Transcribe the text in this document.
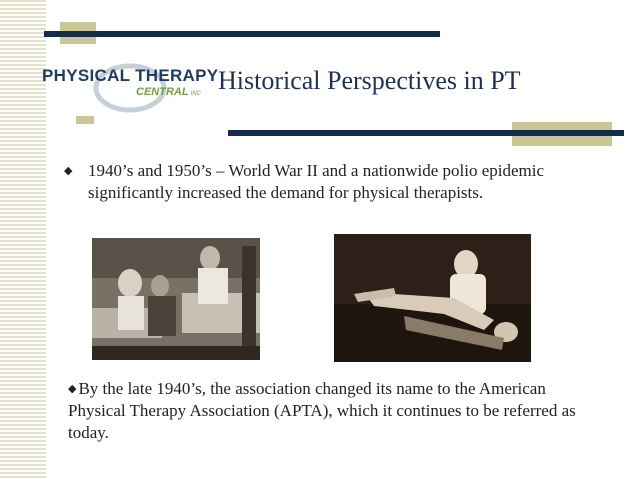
PHYSICAL THERAPY
CENTRAL INC Historical Perspectives in PT
◆ 1940’s and 1950’s – World War II and a nationwide polio epidemic significantly increased the demand for physical therapists.
◆ By the late 1940’s, the association changed its name to the American Physical Therapy Association (APTA), which it continues to be referred as today.
